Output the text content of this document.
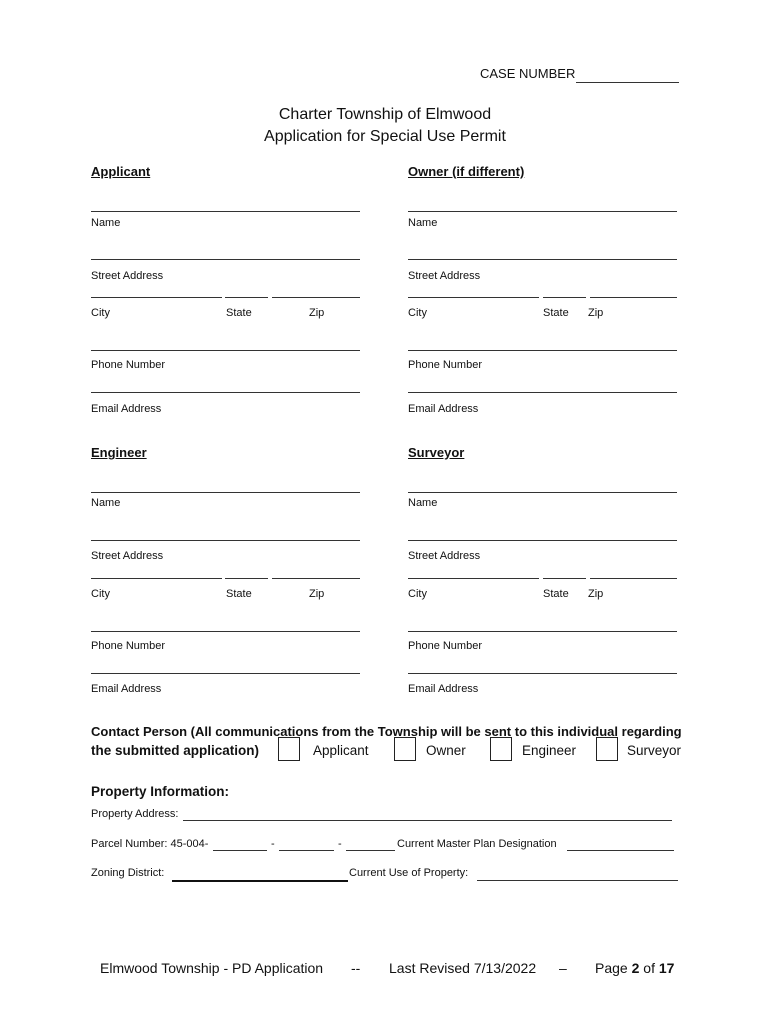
CASE NUMBER
Charter Township of Elmwood
Application for Special Use Permit
Applicant	Owner (if different)
Name
Street Address
City	State	Zip
Phone Number
Email Address
Name
Street Address
City	State Zip
Phone Number
Email Address
Engineer	Surveyor
Name
Street Address
City	State	Zip
Phone Number
Email Address
Name
Street Address
City	State Zip
Phone Number
Email Address
Contact Person (All communications from the Township will be sent to this individual regarding
the submitted application)	Applicant	Owner	Engineer	Surveyor
Property Information:
Property Address:
Parcel Number: 45-004-	-	-	Current Master Plan Designation
Zoning District:	Current Use of Property:
Elmwood Township - PD Application -- Last Revised 7/13/2022 – Page 2 of 17
